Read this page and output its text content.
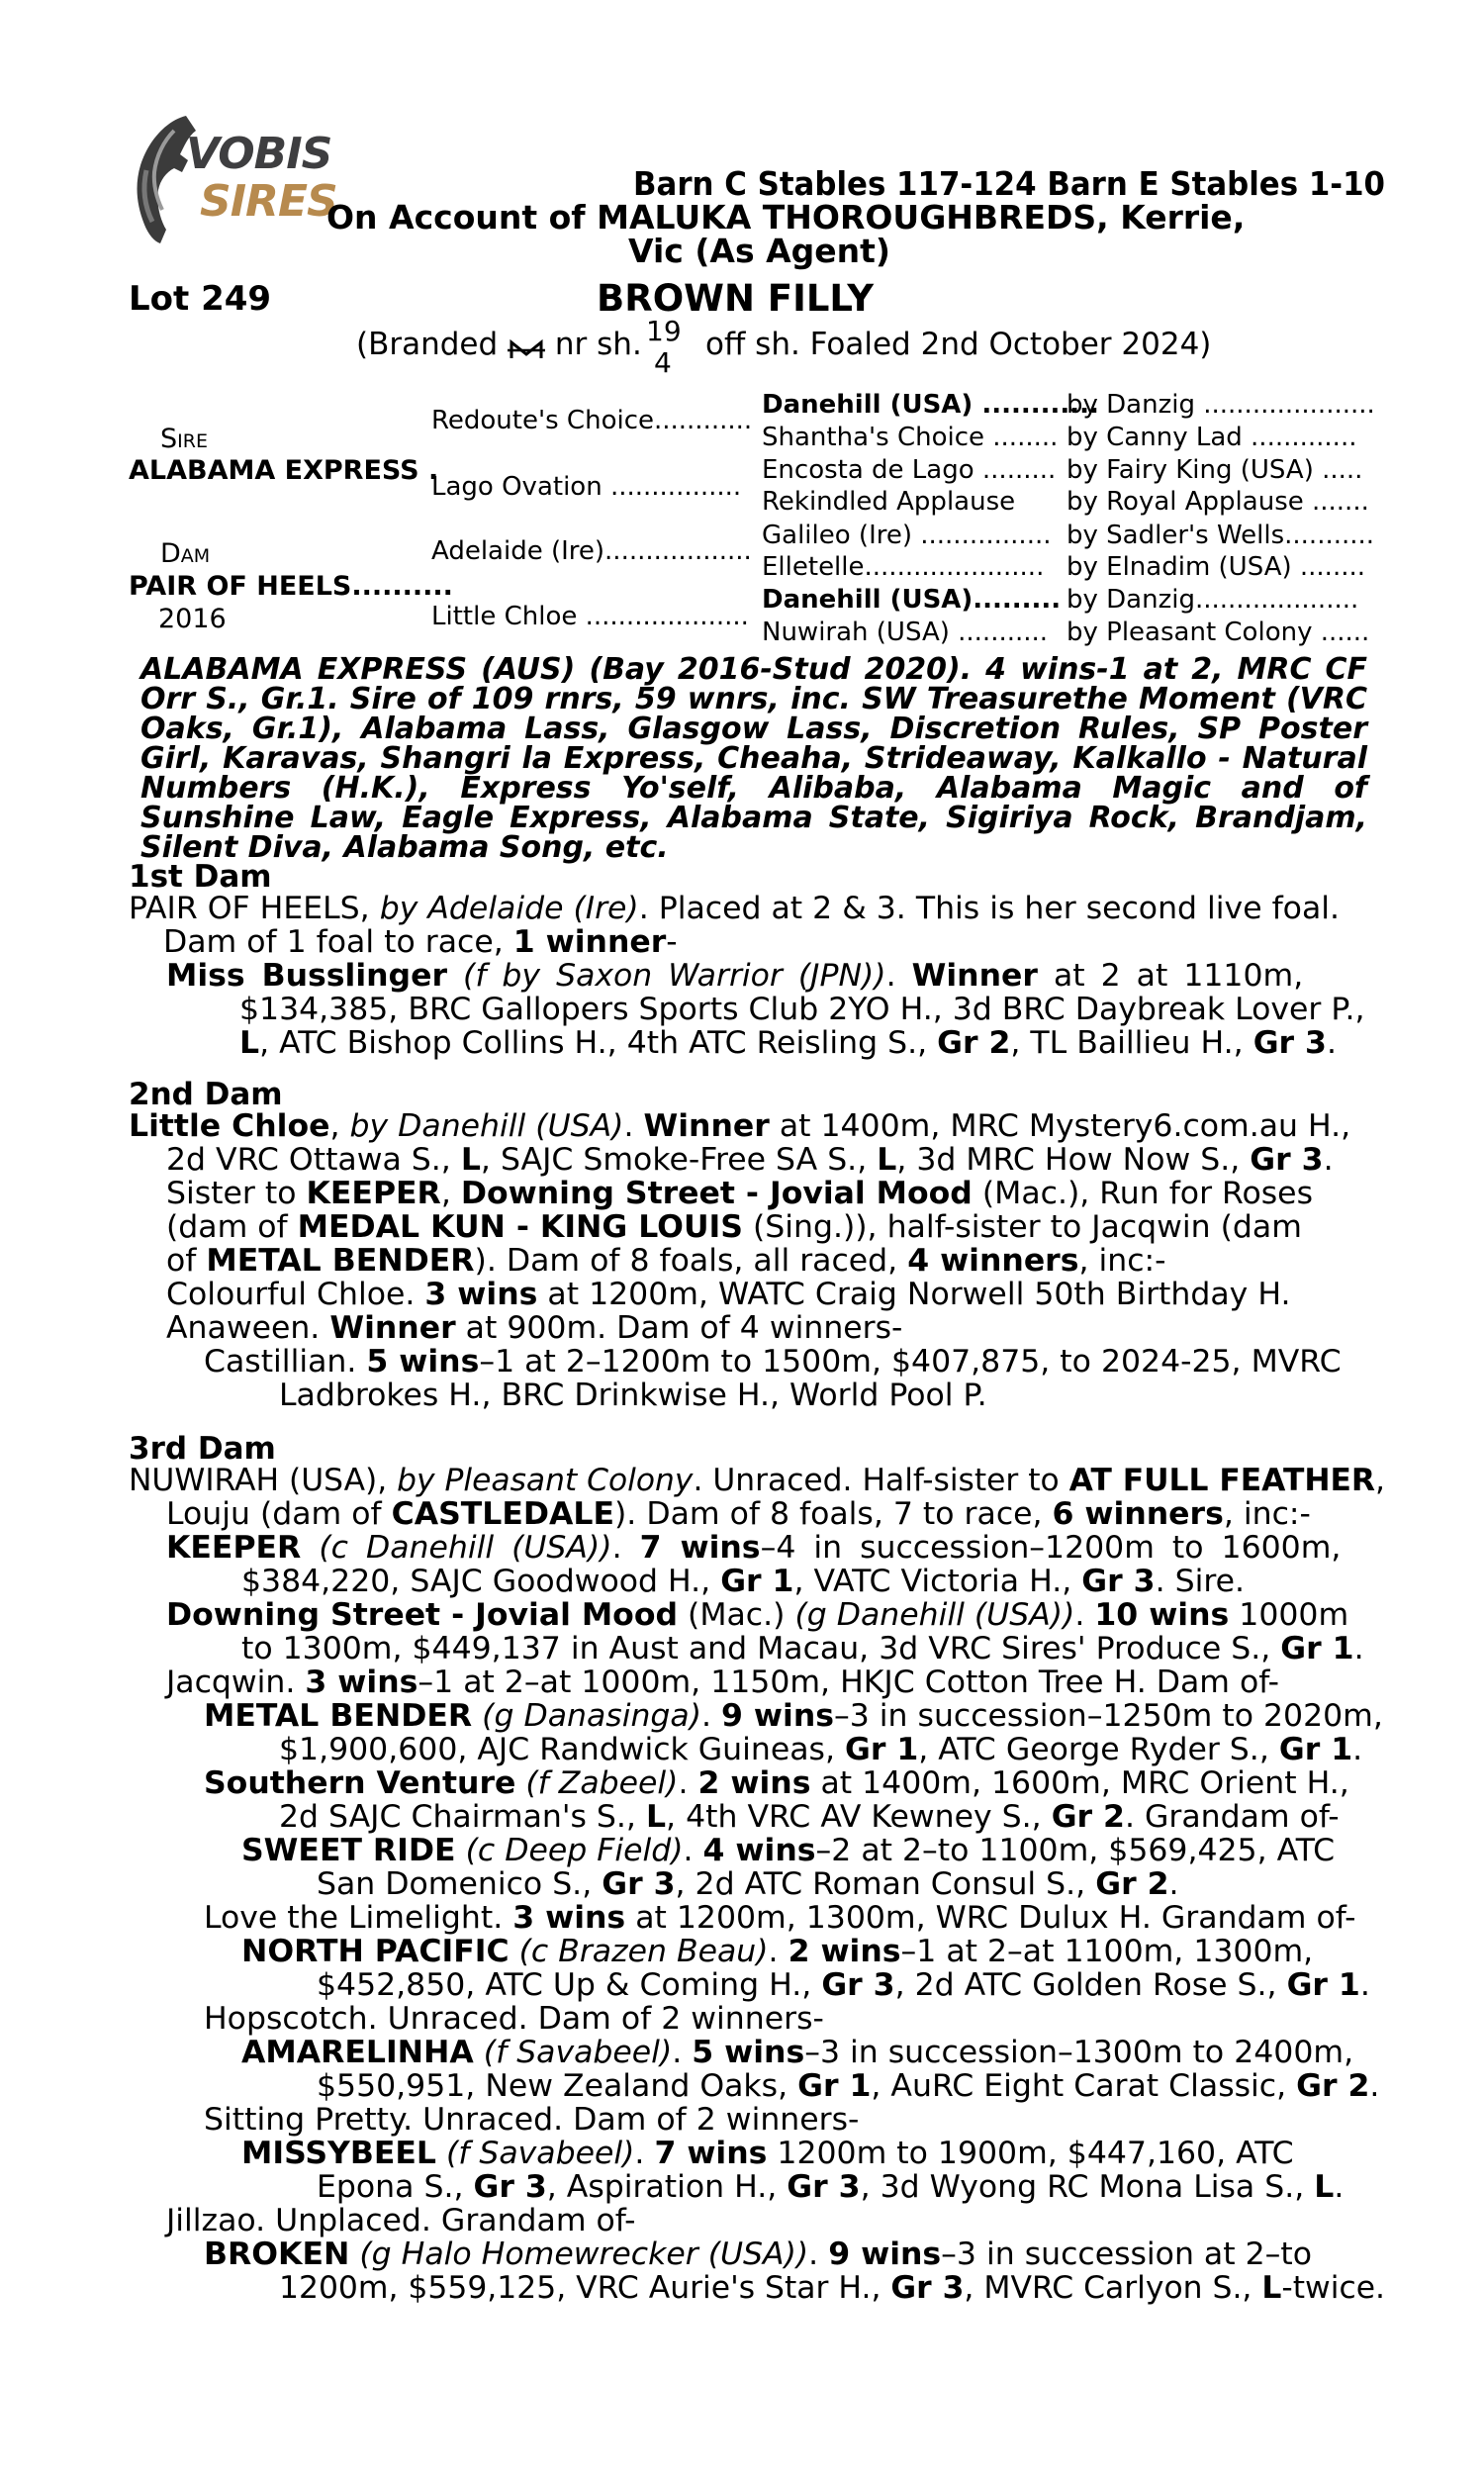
VOBIS
SIRES	Barn C Stables 117-124 Barn E Stables 1-10
On Account of MALUKA THOROUGHBREDS, Kerrie,
Vic (As Agent)
Lot 249	BROWN FILLY
(Branded nr sh. 19
4
off sh. Foaled 2nd October 2024)
Sire
ALABAMA EXPRESS .
Dam
PAIR OF HEELS..........
2016
Redoute's Choice............
Lago Ovation ................
Adelaide (Ire)..................
Little Chloe ....................
Danehill (USA) ............
Shantha's Choice ........
Encosta de Lago .........
Rekindled Applause
Galileo (Ire) ................
Elletelle......................
Danehill (USA).........
Nuwirah (USA) ...........
by Danzig .....................
by Canny Lad .............
by Fairy King (USA) .....
by Royal Applause .......
by Sadler's Wells...........
by Elnadim (USA) ........
by Danzig....................
by Pleasant Colony ......
ALABAMA EXPRESS (AUS) (Bay 2016-Stud 2020). 4 wins-1 at 2, MRC CF Orr S., Gr.1. Sire of 109 rnrs, 59 wnrs, inc. SW Treasurethe Moment (VRC Oaks, Gr.1), Alabama Lass, Glasgow Lass, Discretion Rules, SP Poster Girl, Karavas, Shangri la Express, Cheaha, Strideaway, Kalkallo - Natural Numbers (H.K.), Express Yo'self, Alibaba, Alabama Magic and of Sunshine Law, Eagle Express, Alabama State, Sigiriya Rock, Brandjam, Silent Diva, Alabama Song, etc.
1st Dam
PAIR OF HEELS, by Adelaide (Ire). Placed at 2 & 3. This is her second live foal.
Dam of 1 foal to race, 1 winner-
Miss Busslinger (f by Saxon Warrior (JPN)). Winner at 2 at 1110m,
$134,385, BRC Gallopers Sports Club 2YO H., 3d BRC Daybreak Lover P.,
L, ATC Bishop Collins H., 4th ATC Reisling S., Gr 2, TL Baillieu H., Gr 3.
2nd Dam
Little Chloe, by Danehill (USA). Winner at 1400m, MRC Mystery6.com.au H.,
2d VRC Ottawa S., L, SAJC Smoke-Free SA S., L, 3d MRC How Now S., Gr 3.
Sister to KEEPER, Downing Street - Jovial Mood (Mac.), Run for Roses
(dam of MEDAL KUN - KING LOUIS (Sing.)), half-sister to Jacqwin (dam
of METAL BENDER). Dam of 8 foals, all raced, 4 winners, inc:-
Colourful Chloe. 3 wins at 1200m, WATC Craig Norwell 50th Birthday H.
Anaween. Winner at 900m. Dam of 4 winners-
Castillian. 5 wins–1 at 2–1200m to 1500m, $407,875, to 2024-25, MVRC
Ladbrokes H., BRC Drinkwise H., World Pool P.
3rd Dam
NUWIRAH (USA), by Pleasant Colony. Unraced. Half-sister to AT FULL FEATHER,
Louju (dam of CASTLEDALE). Dam of 8 foals, 7 to race, 6 winners, inc:-
KEEPER (c Danehill (USA)). 7 wins–4 in succession–1200m to 1600m,
$384,220, SAJC Goodwood H., Gr 1, VATC Victoria H., Gr 3. Sire.
Downing Street - Jovial Mood (Mac.) (g Danehill (USA)). 10 wins 1000m
to 1300m, $449,137 in Aust and Macau, 3d VRC Sires' Produce S., Gr 1.
Jacqwin. 3 wins–1 at 2–at 1000m, 1150m, HKJC Cotton Tree H. Dam of-
METAL BENDER (g Danasinga). 9 wins–3 in succession–1250m to 2020m,
$1,900,600, AJC Randwick Guineas, Gr 1, ATC George Ryder S., Gr 1.
Southern Venture (f Zabeel). 2 wins at 1400m, 1600m, MRC Orient H.,
2d SAJC Chairman's S., L, 4th VRC AV Kewney S., Gr 2. Grandam of-
SWEET RIDE (c Deep Field). 4 wins–2 at 2–to 1100m, $569,425, ATC
San Domenico S., Gr 3, 2d ATC Roman Consul S., Gr 2.
Love the Limelight. 3 wins at 1200m, 1300m, WRC Dulux H. Grandam of-
NORTH PACIFIC (c Brazen Beau). 2 wins–1 at 2–at 1100m, 1300m,
$452,850, ATC Up & Coming H., Gr 3, 2d ATC Golden Rose S., Gr 1.
Hopscotch. Unraced. Dam of 2 winners-
AMARELINHA (f Savabeel). 5 wins–3 in succession–1300m to 2400m,
$550,951, New Zealand Oaks, Gr 1, AuRC Eight Carat Classic, Gr 2.
Sitting Pretty. Unraced. Dam of 2 winners-
MISSYBEEL (f Savabeel). 7 wins 1200m to 1900m, $447,160, ATC
Epona S., Gr 3, Aspiration H., Gr 3, 3d Wyong RC Mona Lisa S., L.
Jillzao. Unplaced. Grandam of-
BROKEN (g Halo Homewrecker (USA)). 9 wins–3 in succession at 2–to
1200m, $559,125, VRC Aurie's Star H., Gr 3, MVRC Carlyon S., L-twice.
